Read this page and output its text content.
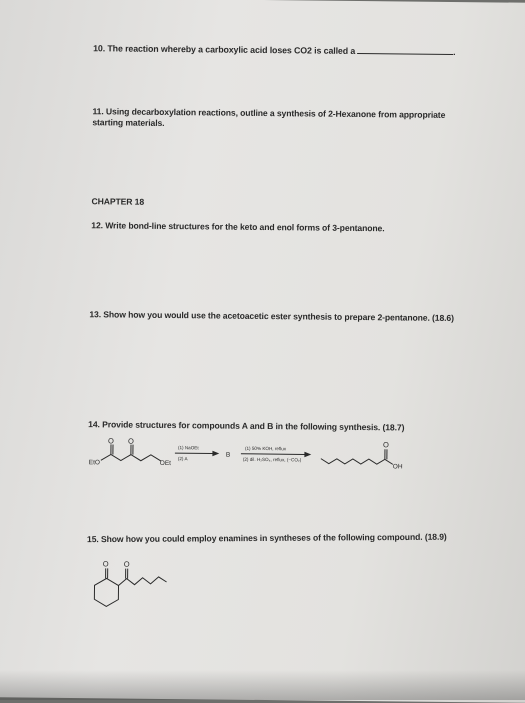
10. The reaction whereby a carboxylic acid loses CO2 is called a	.
11. Using decarboxylation reactions, outline a synthesis of 2-Hexanone from appropriate
starting materials.
CHAPTER 18
12. Write bond-line structures for the keto and enol forms of 3-pentanone.
13. Show how you would use the acetoacetic ester synthesis to prepare 2-pentanone. (18.6)
14. Provide structures for compounds A and B in the following synthesis. (18.7)
O O
EtO	OEt
(1) NaOEt
(2) A
B
(1) 50% KOH, reflux
(2) dil. H₂SO₄, reflux, (−CO₂)
O
OH
15. Show how you could employ enamines in syntheses of the following compound. (18.9)
O O
